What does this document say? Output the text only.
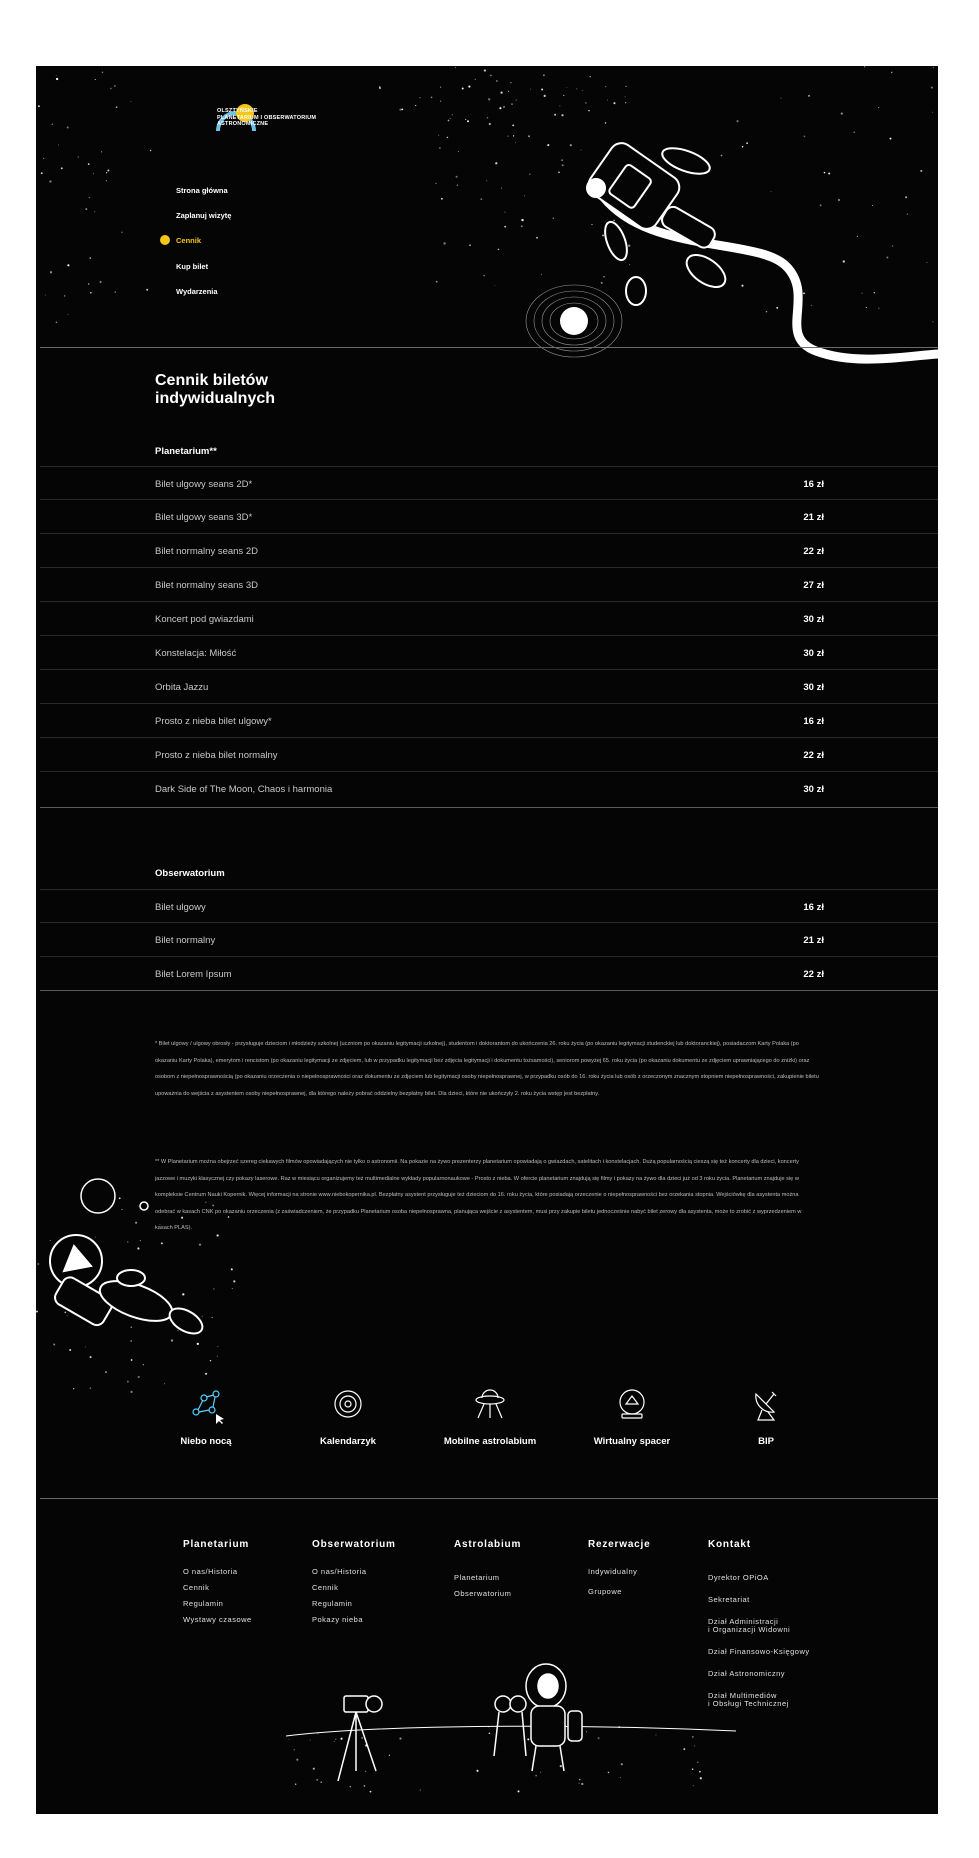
OLSZTYŃSKIE
PLANETARIUM I OBSERWATORIUM
ASTRONOMICZNE
Strona główna
Zaplanuj wizytę
Cennik
Kup bilet
Wydarzenia
Cennik biletów indywidualnych
Planetarium**
Bilet ulgowy seans 2D*	16 zł
Bilet ulgowy seans 3D*	21 zł
Bilet normalny seans 2D	22 zł
Bilet normalny seans 3D	27 zł
Koncert pod gwiazdami	30 zł
Konstelacja: Miłość	30 zł
Orbita Jazzu	30 zł
Prosto z nieba bilet ulgowy*	16 zł
Prosto z nieba bilet normalny	22 zł
Dark Side of The Moon, Chaos i harmonia	30 zł
Obserwatorium
Bilet ulgowy	16 zł
Bilet normalny	21 zł
Bilet Lorem Ipsum	22 zł
* Bilet ulgowy / ulgowy obrosły - przysługuje dzieciom i młodzieży szkolnej (uczniom po okazaniu legitymacji szkolnej), studentom i doktorantom do ukończenia 26. roku życia (po okazaniu legitymacji studenckiej lub doktoranckiej), posiadaczom Karty Polaka (po okazaniu Karty Polaka), emerytom i rencistom (po okazaniu legitymacji ze zdjęciem, lub w przypadku legitymacji bez zdjęcia legitymacji i dokumentu tożsamości), seniorom powyżej 65. roku życia (po okazaniu dokumentu ze zdjęciem uprawniającego do zniżki) oraz osobom z niepełnosprawnością (po okazaniu orzeczenia o niepełnosprawności oraz dokumentu ze zdjęciem lub legitymacji osoby niepełnosprawnej, w przypadku osób do 16. roku życia lub osób z orzeczonym znacznym stopniem niepełnosprawności, zakupienie biletu upoważnia do wejścia z asystentem osoby niepełnosprawnej, dla którego należy pobrać oddzielny bezpłatny bilet. Dla dzieci, które nie ukończyły 2. roku życia wstęp jest bezpłatny.
** W Planetarium można obejrzeć szereg ciekawych filmów opowiadających nie tylko o astronomii. Na pokazie na żywo prezenterzy planetarium opowiadają o gwiazdach, satelitach i konstelacjach. Dużą popularnością cieszą się też koncerty dla dzieci, koncerty jazzowe i muzyki klasycznej czy pokazy laserowe. Raz w miesiącu organizujemy też multimedialne wykłady popularnonaukowe - Prosto z nieba. W ofercie planetarium znajdują się filmy i pokazy na żywo dla dzieci już od 3 roku życia. Planetarium znajduje się w kompleksie Centrum Nauki Kopernik. Więcej informacji na stronie www.niebokopernika.pl. Bezpłatny asystent przysługuje też dzieciom do 16. roku życia, które posiadają orzeczenie o niepełnosprawności bez orzekania stopnia. Wejściówkę dla asystenta można odebrać w kasach CNK po okazaniu orzeczenia (z zaświadczeniem, że przypadku Planetarium osoba niepełnosprawna, planująca wejście z asystentem, musi przy zakupie biletu jednocześnie nabyć bilet zerowy dla asystenta, może to zrobić z wyprzedzeniem w kasach PLAS).
Niebo nocą	Kalendarzyk	Mobilne astrolabium	Wirtualny spacer	BIP
Planetarium
O nas/Historia
Cennik
Regulamin
Wystawy czasowe
Obserwatorium
O nas/Historia
Cennik
Regulamin
Pokazy nieba
Astrolabium
Planetarium
Obserwatorium
Rezerwacje
Indywidualny
Grupowe
Kontakt
Dyrektor OPiOA
Sekretariat
Dział Administracji
i Organizacji Widowni
Dział Finansowo-Księgowy
Dział Astronomiczny
Dział Multimediów
i Obsługi Technicznej
